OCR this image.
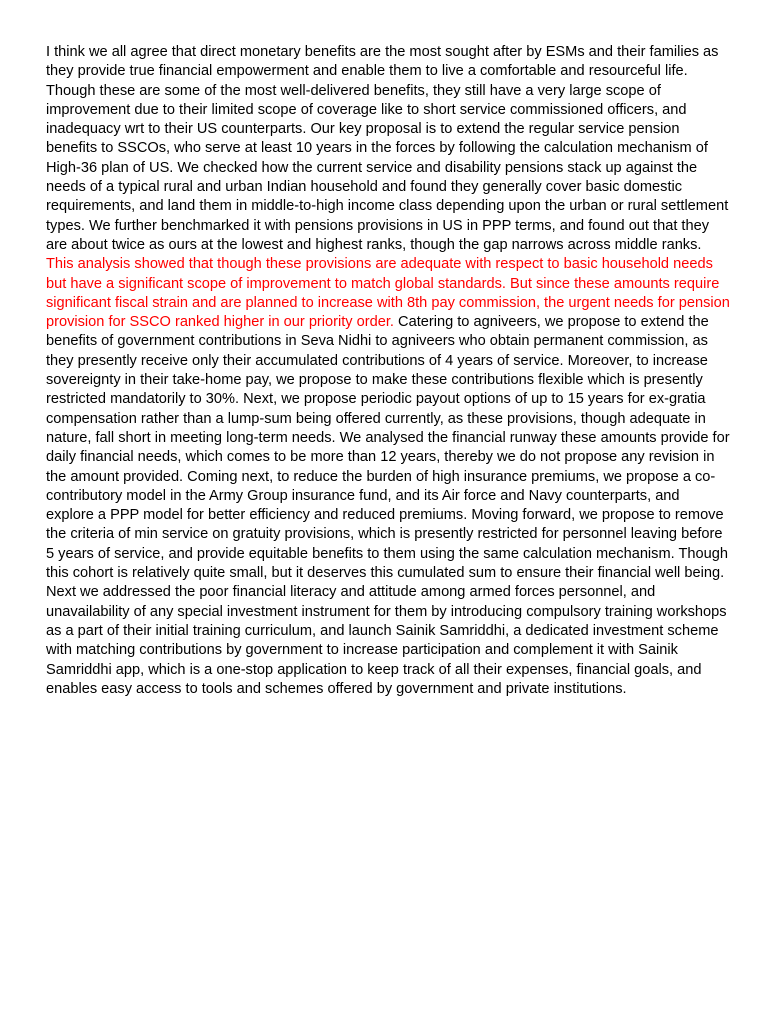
I think we all agree that direct monetary benefits are the most sought after by ESMs and their families as they provide true financial empowerment and enable them to live a comfortable and resourceful life. Though these are some of the most well-delivered benefits, they still have a very large scope of improvement due to their limited scope of coverage like to short service commissioned officers, and inadequacy wrt to their US counterparts. Our key proposal is to extend the regular service pension benefits to SSCOs, who serve at least 10 years in the forces by following the calculation mechanism of High-36 plan of US. We checked how the current service and disability pensions stack up against the needs of a typical rural and urban Indian household and found they generally cover basic domestic requirements, and land them in middle-to-high income class depending upon the urban or rural settlement types. We further benchmarked it with pensions provisions in US in PPP terms, and found out that they are about twice as ours at the lowest and highest ranks, though the gap narrows across middle ranks. This analysis showed that though these provisions are adequate with respect to basic household needs but have a significant scope of improvement to match global standards. But since these amounts require significant fiscal strain and are planned to increase with 8th pay commission, the urgent needs for pension provision for SSCO ranked higher in our priority order. Catering to agniveers, we propose to extend the benefits of government contributions in Seva Nidhi to agniveers who obtain permanent commission, as they presently receive only their accumulated contributions of 4 years of service. Moreover, to increase sovereignty in their take-home pay, we propose to make these contributions flexible which is presently restricted mandatorily to 30%. Next, we propose periodic payout options of up to 15 years for ex-gratia compensation rather than a lump-sum being offered currently, as these provisions, though adequate in nature, fall short in meeting long-term needs. We analysed the financial runway these amounts provide for daily financial needs, which comes to be more than 12 years, thereby we do not propose any revision in the amount provided. Coming next, to reduce the burden of high insurance premiums, we propose a co-contributory model in the Army Group insurance fund, and its Air force and Navy counterparts, and explore a PPP model for better efficiency and reduced premiums. Moving forward, we propose to remove the criteria of min service on gratuity provisions, which is presently restricted for personnel leaving before 5 years of service, and provide equitable benefits to them using the same calculation mechanism. Though this cohort is relatively quite small, but it deserves this cumulated sum to ensure their financial well being. Next we addressed the poor financial literacy and attitude among armed forces personnel, and unavailability of any special investment instrument for them by introducing compulsory training workshops as a part of their initial training curriculum, and launch Sainik Samriddhi, a dedicated investment scheme with matching contributions by government to increase participation and complement it with Sainik Samriddhi app, which is a one-stop application to keep track of all their expenses, financial goals, and enables easy access to tools and schemes offered by government and private institutions.
